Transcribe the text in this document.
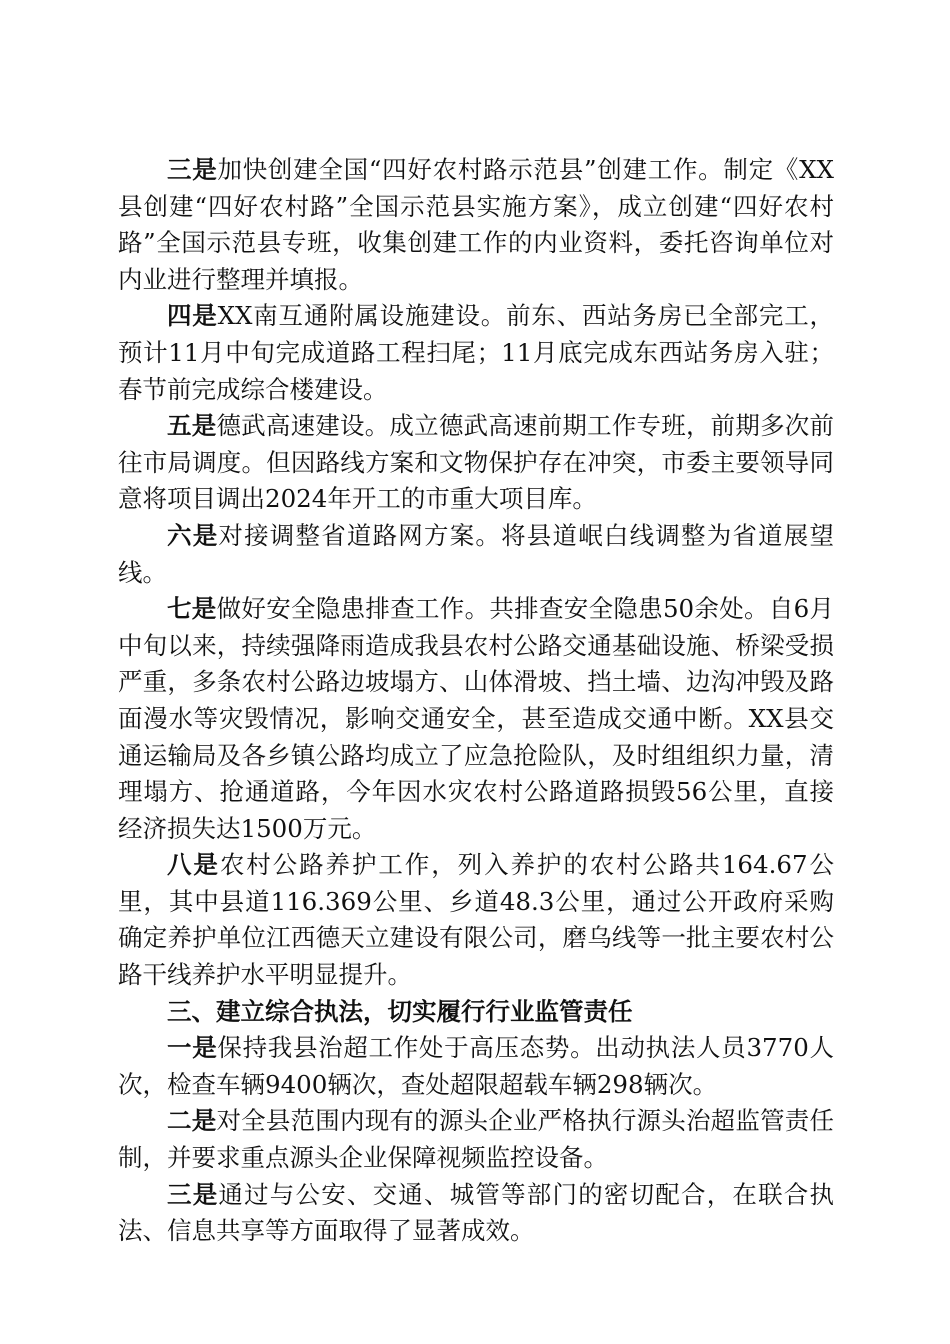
三是加快创建全国“四好农村路示范县”创建工作。制定《XX县创建“四好农村路”全国示范县实施方案》，成立创建“四好农村路”全国示范县专班，收集创建工作的内业资料，委托咨询单位对内业进行整理并填报。

四是XX南互通附属设施建设。前东、西站务房已全部完工，预计11月中旬完成道路工程扫尾；11月底完成东西站务房入驻；春节前完成综合楼建设。

五是德武高速建设。成立德武高速前期工作专班，前期多次前往市局调度。但因路线方案和文物保护存在冲突，市委主要领导同意将项目调出2024年开工的市重大项目库。

六是对接调整省道路网方案。将县道岷白线调整为省道展望线。

七是做好安全隐患排查工作。共排查安全隐患50余处。自6月中旬以来，持续强降雨造成我县农村公路交通基础设施、桥梁受损严重，多条农村公路边坡塌方、山体滑坡、挡土墙、边沟冲毁及路面漫水等灾毁情况，影响交通安全，甚至造成交通中断。XX县交通运输局及各乡镇公路均成立了应急抢险队，及时组组织力量，清理塌方、抢通道路，今年因水灾农村公路道路损毁56公里，直接经济损失达1500万元。

八是农村公路养护工作，列入养护的农村公路共164.67公里，其中县道116.369公里、乡道48.3公里，通过公开政府采购确定养护单位江西德天立建设有限公司，磨乌线等一批主要农村公路干线养护水平明显提升。

三、建立综合执法，切实履行行业监管责任

一是保持我县治超工作处于高压态势。出动执法人员3770人次，检查车辆9400辆次，查处超限超载车辆298辆次。

二是对全县范围内现有的源头企业严格执行源头治超监管责任制，并要求重点源头企业保障视频监控设备。

三是通过与公安、交通、城管等部门的密切配合，在联合执法、信息共享等方面取得了显著成效。
